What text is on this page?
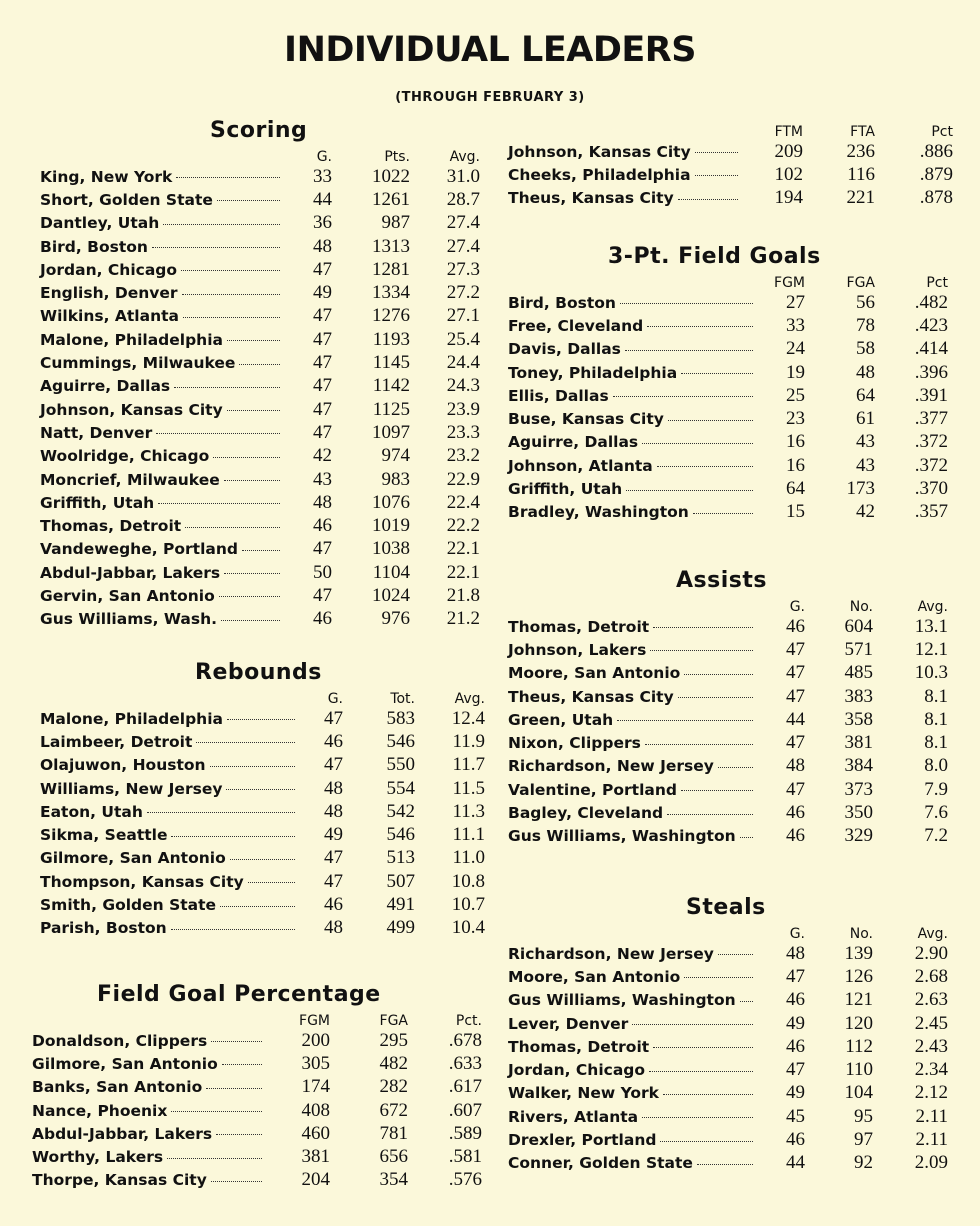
INDIVIDUAL LEADERS
(THROUGH FEBRUARY 3)
Scoring
	G.	Pts.	Avg.
King, New York	33	1022	31.0
Short, Golden State	44	1261	28.7
Dantley, Utah	36	987	27.4
Bird, Boston	48	1313	27.4
Jordan, Chicago	47	1281	27.3
English, Denver	49	1334	27.2
Wilkins, Atlanta	47	1276	27.1
Malone, Philadelphia	47	1193	25.4
Cummings, Milwaukee	47	1145	24.4
Aguirre, Dallas	47	1142	24.3
Johnson, Kansas City	47	1125	23.9
Natt, Denver	47	1097	23.3
Woolridge, Chicago	42	974	23.2
Moncrief, Milwaukee	43	983	22.9
Griffith, Utah	48	1076	22.4
Thomas, Detroit	46	1019	22.2
Vandeweghe, Portland	47	1038	22.1
Abdul-Jabbar, Lakers	50	1104	22.1
Gervin, San Antonio	47	1024	21.8
Gus Williams, Wash.	46	976	21.2
Rebounds
	G.	Tot.	Avg.
Malone, Philadelphia	47	583	12.4
Laimbeer, Detroit	46	546	11.9
Olajuwon, Houston	47	550	11.7
Williams, New Jersey	48	554	11.5
Eaton, Utah	48	542	11.3
Sikma, Seattle	49	546	11.1
Gilmore, San Antonio	47	513	11.0
Thompson, Kansas City	47	507	10.8
Smith, Golden State	46	491	10.7
Parish, Boston	48	499	10.4
Field Goal Percentage
	FGM	FGA	Pct.
Donaldson, Clippers	200	295	.678
Gilmore, San Antonio	305	482	.633
Banks, San Antonio	174	282	.617
Nance, Phoenix	408	672	.607
Abdul-Jabbar, Lakers	460	781	.589
Worthy, Lakers	381	656	.581
Thorpe, Kansas City	204	354	.576
	FTM	FTA	Pct
Johnson, Kansas City	209	236	.886
Cheeks, Philadelphia	102	116	.879
Theus, Kansas City	194	221	.878
3-Pt. Field Goals
	FGM	FGA	Pct
Bird, Boston	27	56	.482
Free, Cleveland	33	78	.423
Davis, Dallas	24	58	.414
Toney, Philadelphia	19	48	.396
Ellis, Dallas	25	64	.391
Buse, Kansas City	23	61	.377
Aguirre, Dallas	16	43	.372
Johnson, Atlanta	16	43	.372
Griffith, Utah	64	173	.370
Bradley, Washington	15	42	.357
Assists
	G.	No.	Avg.
Thomas, Detroit	46	604	13.1
Johnson, Lakers	47	571	12.1
Moore, San Antonio	47	485	10.3
Theus, Kansas City	47	383	8.1
Green, Utah	44	358	8.1
Nixon, Clippers	47	381	8.1
Richardson, New Jersey	48	384	8.0
Valentine, Portland	47	373	7.9
Bagley, Cleveland	46	350	7.6
Gus Williams, Washington	46	329	7.2
Steals
	G.	No.	Avg.
Richardson, New Jersey	48	139	2.90
Moore, San Antonio	47	126	2.68
Gus Williams, Washington	46	121	2.63
Lever, Denver	49	120	2.45
Thomas, Detroit	46	112	2.43
Jordan, Chicago	47	110	2.34
Walker, New York	49	104	2.12
Rivers, Atlanta	45	95	2.11
Drexler, Portland	46	97	2.11
Conner, Golden State	44	92	2.09
